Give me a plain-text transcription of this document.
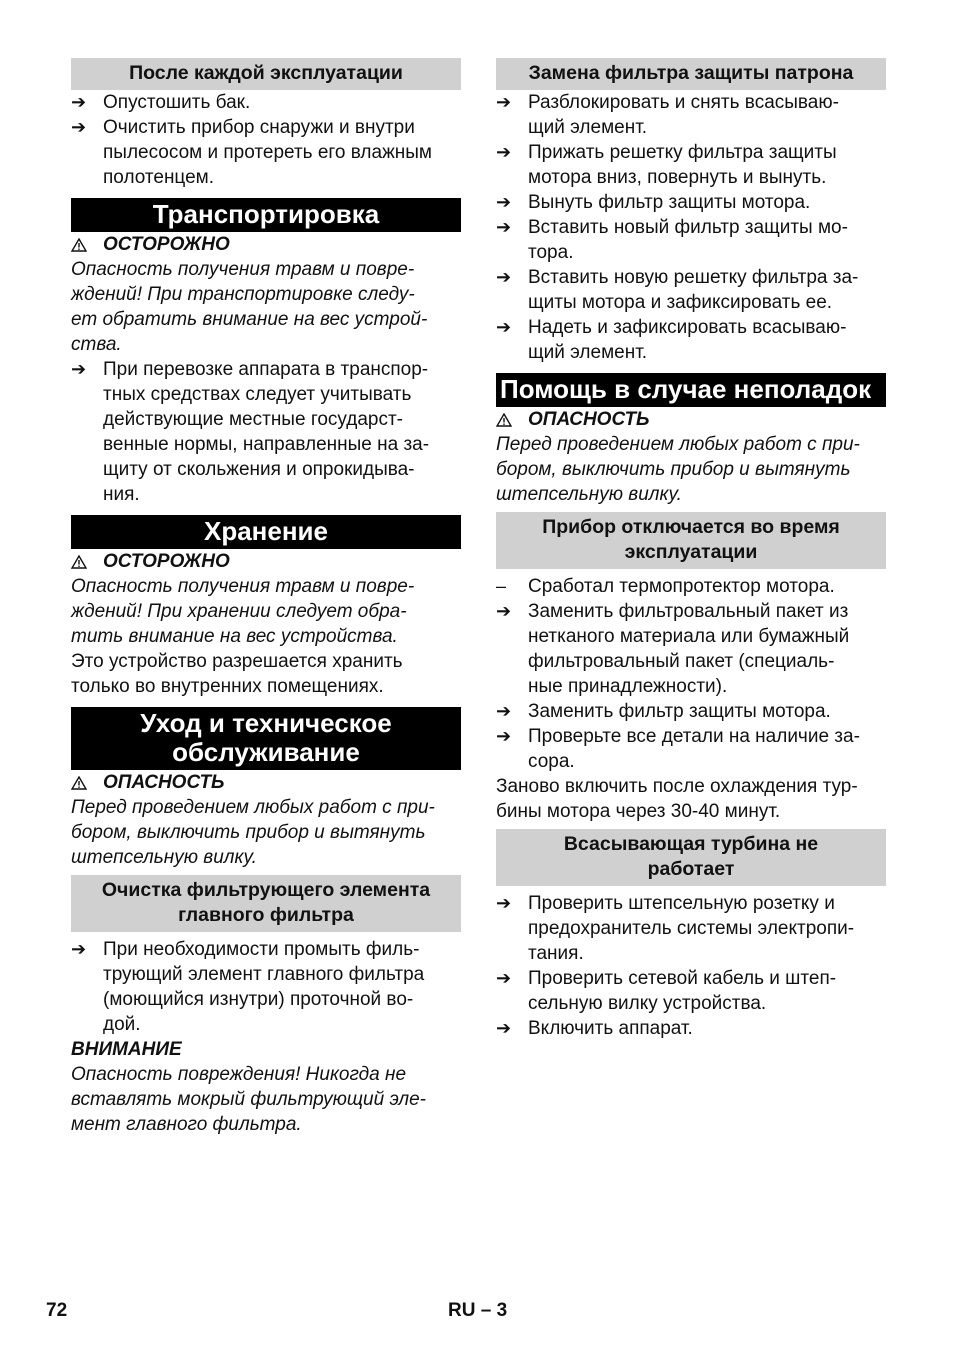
После каждой эксплуатации
➔ Опустошить бак.
➔ Очистить прибор снаружи и внутри
пылесосом и протереть его влажным
полотенцем.
Транспортировка
ОСТОРОЖНО
Опасность получения травм и повре-
ждений! При транспортировке следу-
ет обратить внимание на вес устрой-
ства.
➔ При перевозке аппарата в транспор-
тных средствах следует учитывать
действующие местные государст-
венные нормы, направленные на за-
щиту от скольжения и опрокидыва-
ния.
Хранение
ОСТОРОЖНО
Опасность получения травм и повре-
ждений! При хранении следует обра-
тить внимание на вес устройства.
Это устройство разрешается хранить
только во внутренних помещениях.
Уход и техническое
обслуживание
ОПАСНОСТЬ
Перед проведением любых работ с при-
бором, выключить прибор и вытянуть
штепсельную вилку.
Очистка фильтрующего элемента
главного фильтра
➔ При необходимости промыть филь-
трующий элемент главного фильтра
(моющийся изнутри) проточной во-
дой.
ВНИМАНИЕ
Опасность повреждения! Никогда не
вставлять мокрый фильтрующий эле-
мент главного фильтра.
Замена фильтра защиты патрона
➔ Разблокировать и снять всасываю-
щий элемент.
➔ Прижать решетку фильтра защиты
мотора вниз, повернуть и вынуть.
➔ Вынуть фильтр защиты мотора.
➔ Вставить новый фильтр защиты мо-
тора.
➔ Вставить новую решетку фильтра за-
щиты мотора и зафиксировать ее.
➔ Надеть и зафиксировать всасываю-
щий элемент.
Помощь в случае неполадок
ОПАСНОСТЬ
Перед проведением любых работ с при-
бором, выключить прибор и вытянуть
штепсельную вилку.
Прибор отключается во время
эксплуатации
–	Сработал термопротектор мотора.
➔ Заменить фильтровальный пакет из
нетканого материала или бумажный
фильтровальный пакет (специаль-
ные принадлежности).
➔ Заменить фильтр защиты мотора.
➔ Проверьте все детали на наличие за-
сора.
Заново включить после охлаждения тур-
бины мотора через 30-40 минут.
Всасывающая турбина не
работает
➔ Проверить штепсельную розетку и
предохранитель системы электропи-
тания.
➔ Проверить сетевой кабель и штеп-
сельную вилку устройства.
➔ Включить аппарат.
72	RU – 3
